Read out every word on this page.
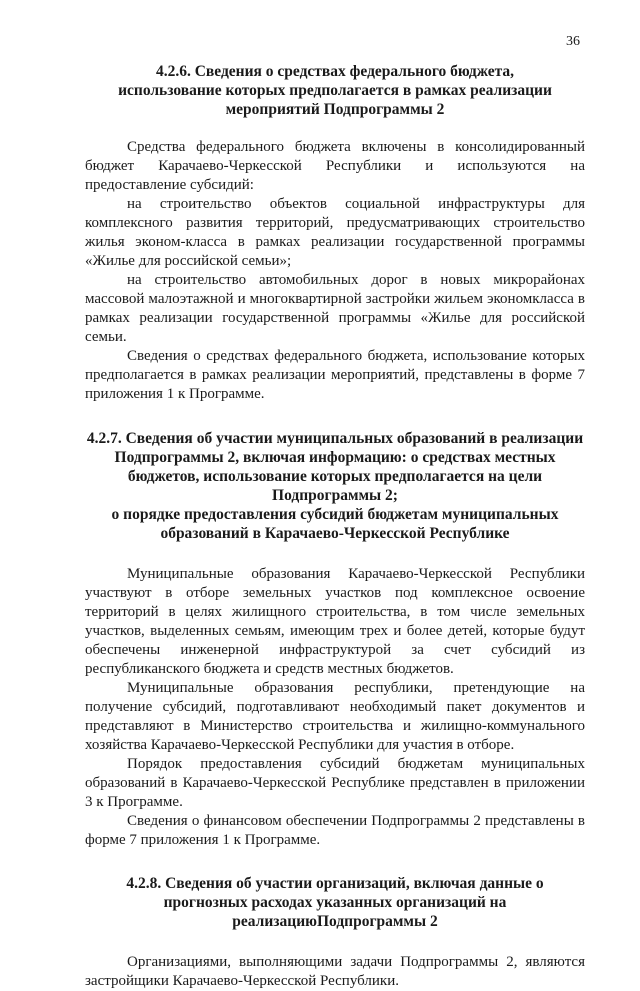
36
4.2.6. Сведения о средствах федерального бюджета,
использование которых предполагается в рамках реализации
мероприятий Подпрограммы 2

Средства федерального бюджета включены в консолидированный бюджет Карачаево-Черкесской Республики и используются на предоставление субсидий:

на строительство объектов социальной инфраструктуры для комплексного развития территорий, предусматривающих строительство жилья эконом-класса в рамках реализации государственной программы «Жилье для российской семьи»;

на строительство автомобильных дорог в новых микрорайонах массовой малоэтажной и многоквартирной застройки жильем экономкласса в рамках реализации государственной программы «Жилье для российской семьи.

Сведения о средствах федерального бюджета, использование которых предполагается в рамках реализации мероприятий, представлены в форме 7 приложения 1 к Программе.

4.2.7. Сведения об участии муниципальных образований в реализации
Подпрограммы 2, включая информацию: о средствах местных бюджетов, использование которых предполагается на цели Подпрограммы 2;
о порядке предоставления субсидий бюджетам муниципальных
образований в Карачаево-Черкесской Республике

Муниципальные образования Карачаево-Черкесской Республики участвуют в отборе земельных участков под комплексное освоение территорий в целях жилищного строительства, в том числе земельных участков, выделенных семьям, имеющим трех и более детей, которые будут обеспечены инженерной инфраструктурой за счет субсидий из республиканского бюджета и средств местных бюджетов.

Муниципальные образования республики, претендующие на получение субсидий, подготавливают необходимый пакет документов и представляют в Министерство строительства и жилищно-коммунального хозяйства Карачаево-Черкесской Республики для участия в отборе.

Порядок предоставления субсидий бюджетам муниципальных образований в Карачаево-Черкесской Республике представлен в приложении 3 к Программе.

Сведения о финансовом обеспечении Подпрограммы 2 представлены в форме 7 приложения 1 к Программе.

4.2.8. Сведения об участии организаций, включая данные о прогнозных расходах указанных организаций на реализациюПодпрограммы 2

Организациями, выполняющими задачи Подпрограммы 2, являются застройщики Карачаево-Черкесской Республики.
